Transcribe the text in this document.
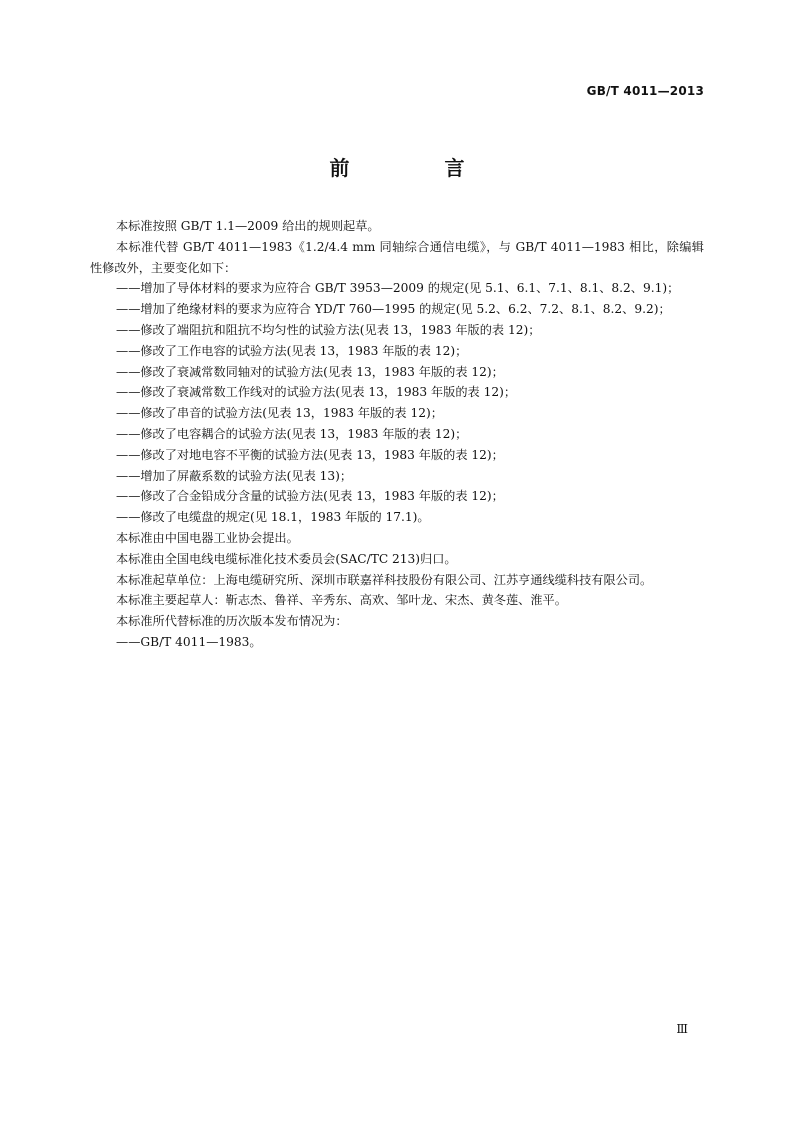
GB/T 4011—2013
前 言

本标准按照 GB/T 1.1—2009 给出的规则起草。

本标准代替 GB/T 4011—1983《1.2/4.4 mm 同轴综合通信电缆》，与 GB/T 4011—1983 相比，除编辑性修改外，主要变化如下：

——增加了导体材料的要求为应符合 GB/T 3953—2009 的规定(见 5.1、6.1、7.1、8.1、8.2、9.1)；

——增加了绝缘材料的要求为应符合 YD/T 760—1995 的规定(见 5.2、6.2、7.2、8.1、8.2、9.2)；

——修改了端阻抗和阻抗不均匀性的试验方法(见表 13，1983 年版的表 12)；

——修改了工作电容的试验方法(见表 13，1983 年版的表 12)；

——修改了衰减常数同轴对的试验方法(见表 13，1983 年版的表 12)；

——修改了衰减常数工作线对的试验方法(见表 13，1983 年版的表 12)；

——修改了串音的试验方法(见表 13，1983 年版的表 12)；

——修改了电容耦合的试验方法(见表 13，1983 年版的表 12)；

——修改了对地电容不平衡的试验方法(见表 13，1983 年版的表 12)；

——增加了屏蔽系数的试验方法(见表 13)；

——修改了合金铅成分含量的试验方法(见表 13，1983 年版的表 12)；

——修改了电缆盘的规定(见 18.1，1983 年版的 17.1)。

本标准由中国电器工业协会提出。

本标准由全国电线电缆标准化技术委员会(SAC/TC 213)归口。

本标准起草单位：上海电缆研究所、深圳市联嘉祥科技股份有限公司、江苏亨通线缆科技有限公司。

本标准主要起草人：靳志杰、鲁祥、辛秀东、高欢、邹叶龙、宋杰、黄冬莲、淮平。

本标准所代替标准的历次版本发布情况为：

——GB/T 4011—1983。

Ⅲ
